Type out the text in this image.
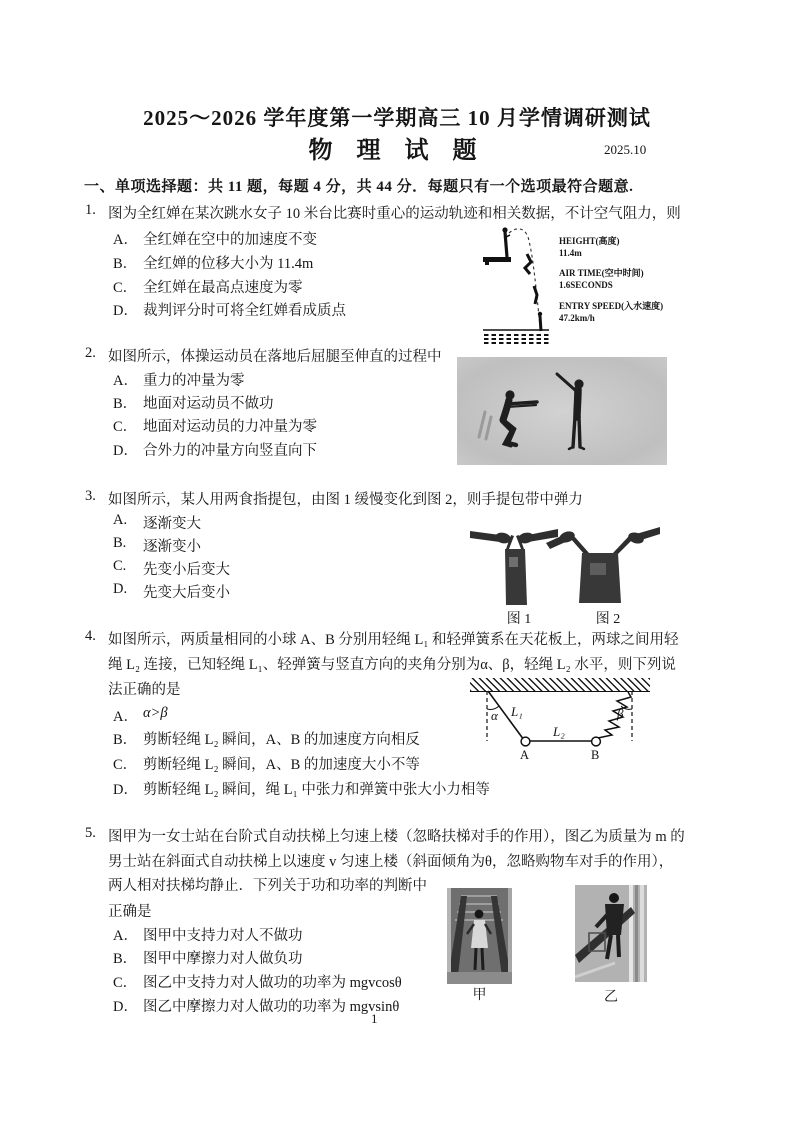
2025～2026 学年度第一学期高三 10 月学情调研测试
物 理 试 题	2025.10
一、单项选择题：共 11 题，每题 4 分，共 44 分．每题只有一个选项最符合题意.
1. 图为全红婵在某次跳水女子 10 米台比赛时重心的运动轨迹和相关数据，不计空气阻力，则
A． 全红婵在空中的加速度不变
B． 全红婵的位移大小为 11.4m
C． 全红婵在最高点速度为零
D． 裁判评分时可将全红婵看成质点
HEIGHT(高度)
11.4m
AIR TIME(空中时间)
1.6SECONDS
ENTRY SPEED(入水速度)
47.2km/h
2. 如图所示，体操运动员在落地后屈腿至伸直的过程中
A． 重力的冲量为零
B． 地面对运动员不做功
C． 地面对运动员的力冲量为零
D． 合外力的冲量方向竖直向下
3. 如图所示，某人用两食指提包，由图 1 缓慢变化到图 2，则手提包带中弹力
A.	逐渐变大
B.	逐渐变小
C.	先变小后变大
D.	先变大后变小
图 1	图 2
4. 如图所示，两质量相同的小球 A、B 分别用轻绳 L₁ 和轻弹簧系在天花板上，两球之间用轻
绳 L₂ 连接，已知轻绳 L₁、轻弹簧与竖直方向的夹角分别为α、β，轻绳 L₂ 水平，则下列说
法正确的是
A． α>β
B． 剪断轻绳 L₂ 瞬间，A、B 的加速度方向相反
C． 剪断轻绳 L₂ 瞬间，A、B 的加速度大小不等
D． 剪断轻绳 L₂ 瞬间，绳 L₁ 中张力和弹簧中张大小力相等
α	β
L₁
L₂
A	B
5. 图甲为一女士站在台阶式自动扶梯上匀速上楼（忽略扶梯对手的作用），图乙为质量为 m 的
男士站在斜面式自动扶梯上以速度 v 匀速上楼（斜面倾角为θ，忽略购物车对手的作用），
两人相对扶梯均静止．下列关于功和功率的判断中
正确是
A． 图甲中支持力对人不做功
B． 图甲中摩擦力对人做负功
C． 图乙中支持力对人做功的功率为 mgvcosθ
D． 图乙中摩擦力对人做功的功率为 mgvsinθ
甲	乙
1
